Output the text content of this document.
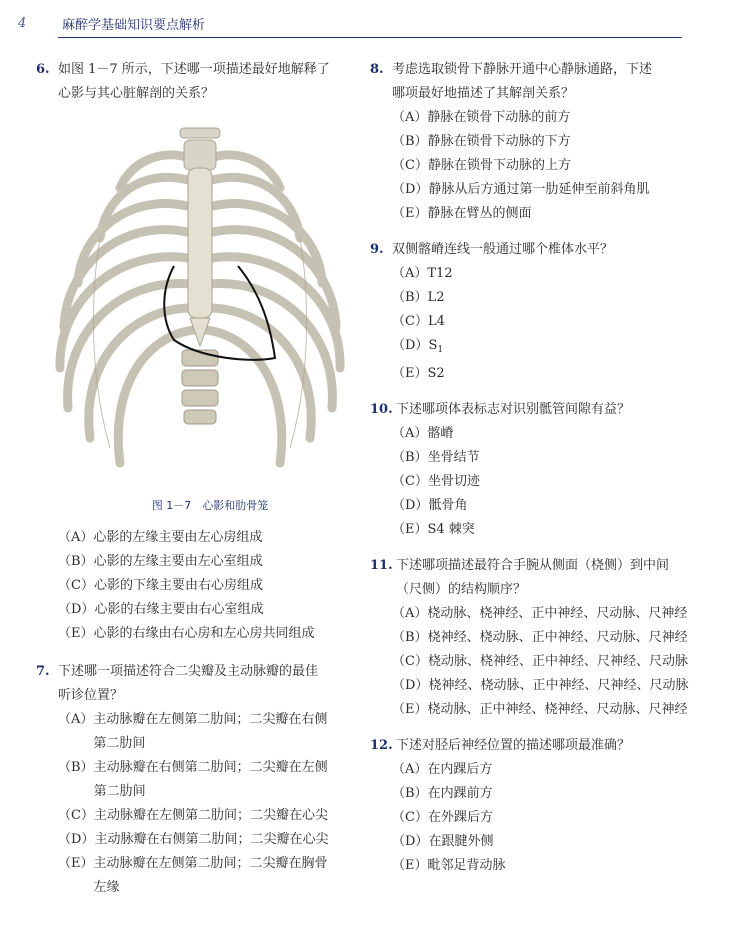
4	麻醉学基础知识要点解析
6. 如图 1－7 所示，下述哪一项描述最好地解释了
心影与其心脏解剖的关系？
图 1－7　心影和肋骨笼
（A） 心影的左缘主要由左心房组成
（B） 心影的左缘主要由左心室组成
（C） 心影的下缘主要由右心房组成
（D） 心影的右缘主要由右心室组成
（E） 心影的右缘由右心房和左心房共同组成
7. 下述哪一项描述符合二尖瓣及主动脉瓣的最佳
听诊位置？
（A） 主动脉瓣在左侧第二肋间；二尖瓣在右侧
第二肋间
（B） 主动脉瓣在右侧第二肋间；二尖瓣在左侧
第二肋间
（C） 主动脉瓣在左侧第二肋间；二尖瓣在心尖
（D） 主动脉瓣在右侧第二肋间；二尖瓣在心尖
（E） 主动脉瓣在左侧第二肋间；二尖瓣在胸骨
左缘
8. 考虑选取锁骨下静脉开通中心静脉通路，下述
哪项最好地描述了其解剖关系？
（A） 静脉在锁骨下动脉的前方
（B） 静脉在锁骨下动脉的下方
（C） 静脉在锁骨下动脉的上方
（D） 静脉从后方通过第一肋延伸至前斜角肌
（E） 静脉在臂丛的侧面
9. 双侧髂嵴连线一般通过哪个椎体水平？
（A） T12
（B） L2
（C） L4
（D） $S_1$
（E） S2
10. 下述哪项体表标志对识别骶管间隙有益？
（A） 髂嵴
（B） 坐骨结节
（C） 坐骨切迹
（D） 骶骨角
（E） S4 棘突
11. 下述哪项描述最符合手腕从侧面（桡侧）到中间
（尺侧）的结构顺序？
（A） 桡动脉、桡神经、正中神经、尺动脉、尺神经
（B） 桡神经、桡动脉、正中神经、尺动脉、尺神经
（C） 桡动脉、桡神经、正中神经、尺神经、尺动脉
（D） 桡神经、桡动脉、正中神经、尺神经、尺动脉
（E） 桡动脉、正中神经、桡神经、尺动脉、尺神经
12. 下述对胫后神经位置的描述哪项最准确？
（A） 在内踝后方
（B） 在内踝前方
（C） 在外踝后方
（D） 在跟腱外侧
（E） 毗邻足背动脉
